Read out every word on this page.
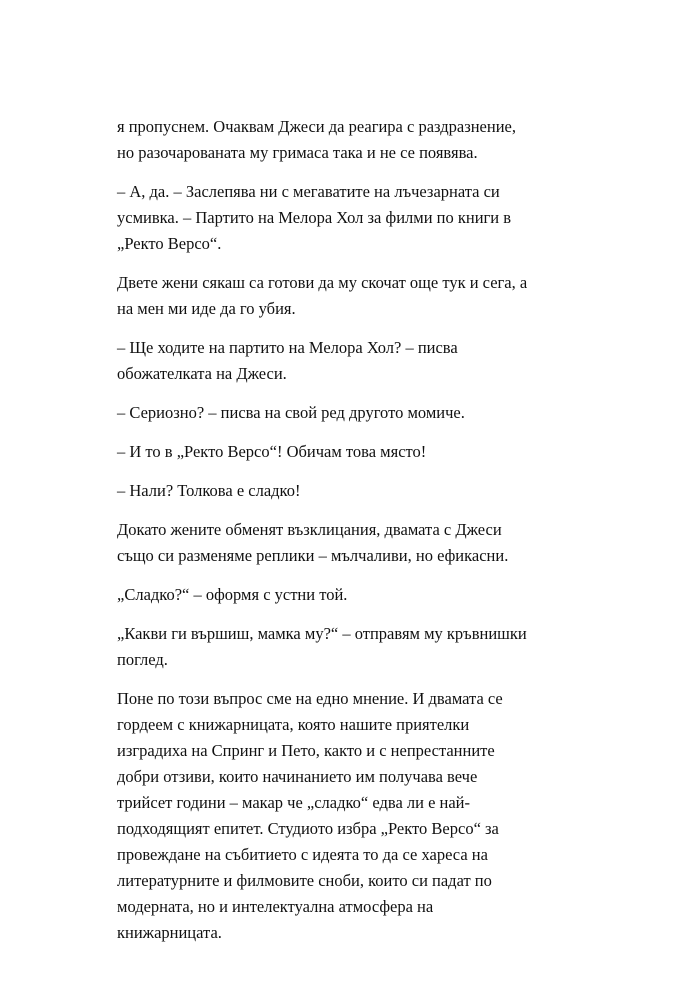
я пропуснем. Очаквам Джеси да реагира с раздразнение,
но разочарованата му гримаса така и не се появява.

– А, да. – Заслепява ни с мегаватите на лъчезарната си
усмивка. – Партито на Мелора Хол за филми по книги в
„Ректо Версо“.

Двете жени сякаш са готови да му скочат още тук и сега, а
на мен ми иде да го убия.

– Ще ходите на партито на Мелора Хол? – писва
обожателката на Джеси.

– Сериозно? – писва на свой ред другото момиче.

– И то в „Ректо Версо“! Обичам това място!

– Нали? Толкова е сладко!

Докато жените обменят възклицания, двамата с Джеси
също си разменяме реплики – мълчаливи, но ефикасни.

„Сладко?“ – оформя с устни той.

„Какви ги вършиш, мамка му?“ – отправям му кръвнишки
поглед.

Поне по този въпрос сме на едно мнение. И двамата се
гордеем с книжарницата, която нашите приятелки
изградиха на Спринг и Пето, както и с непрестанните
добри отзиви, които начинанието им получава вече
трийсет години – макар че „сладко“ едва ли е най-
подходящият епитет. Студиото избра „Ректо Версо“ за
провеждане на събитието с идеята то да се хареса на
литературните и филмовите сноби, които си падат по
модерната, но и интелектуална атмосфера на
книжарницата.
